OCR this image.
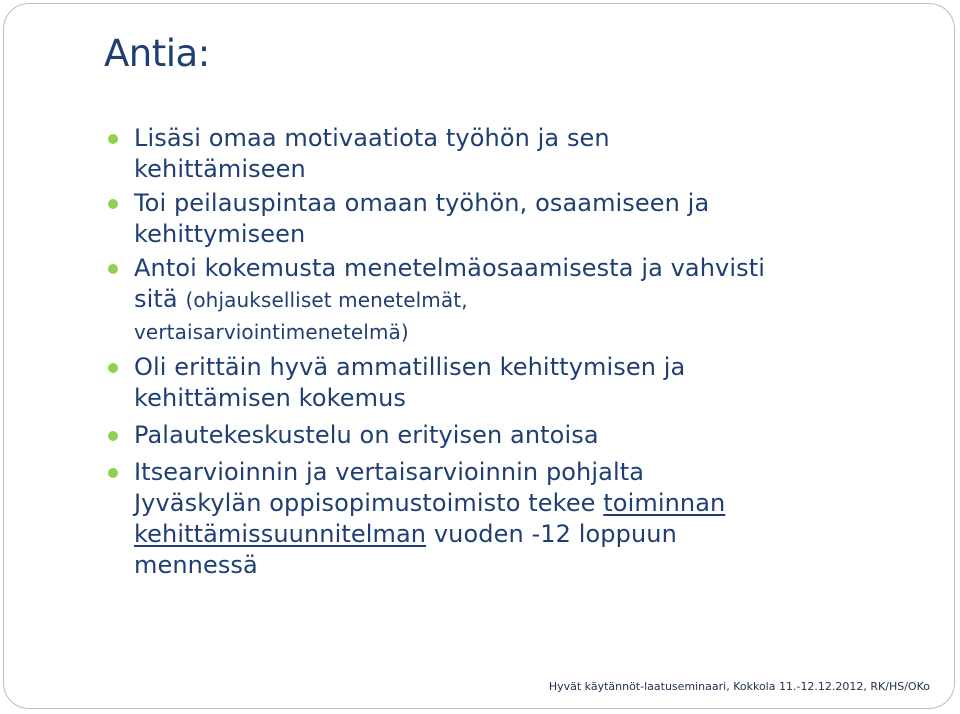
Antia:
Lisäsi omaa motivaatiota työhön ja sen
kehittämiseen
Toi peilauspintaa omaan työhön, osaamiseen ja
kehittymiseen
Antoi kokemusta menetelmäosaamisesta ja vahvisti
sitä (ohjaukselliset menetelmät,
vertaisarviointimenetelmä)
Oli erittäin hyvä ammatillisen kehittymisen ja
kehittämisen kokemus
Palautekeskustelu on erityisen antoisa
Itsearvioinnin ja vertaisarvioinnin pohjalta
Jyväskylän oppisopimustoimisto tekee toiminnan
kehittämissuunnitelman vuoden -12 loppuun
mennessä
Hyvät käytännöt-laatuseminaari, Kokkola 11.-12.12.2012, RK/HS/OKo
